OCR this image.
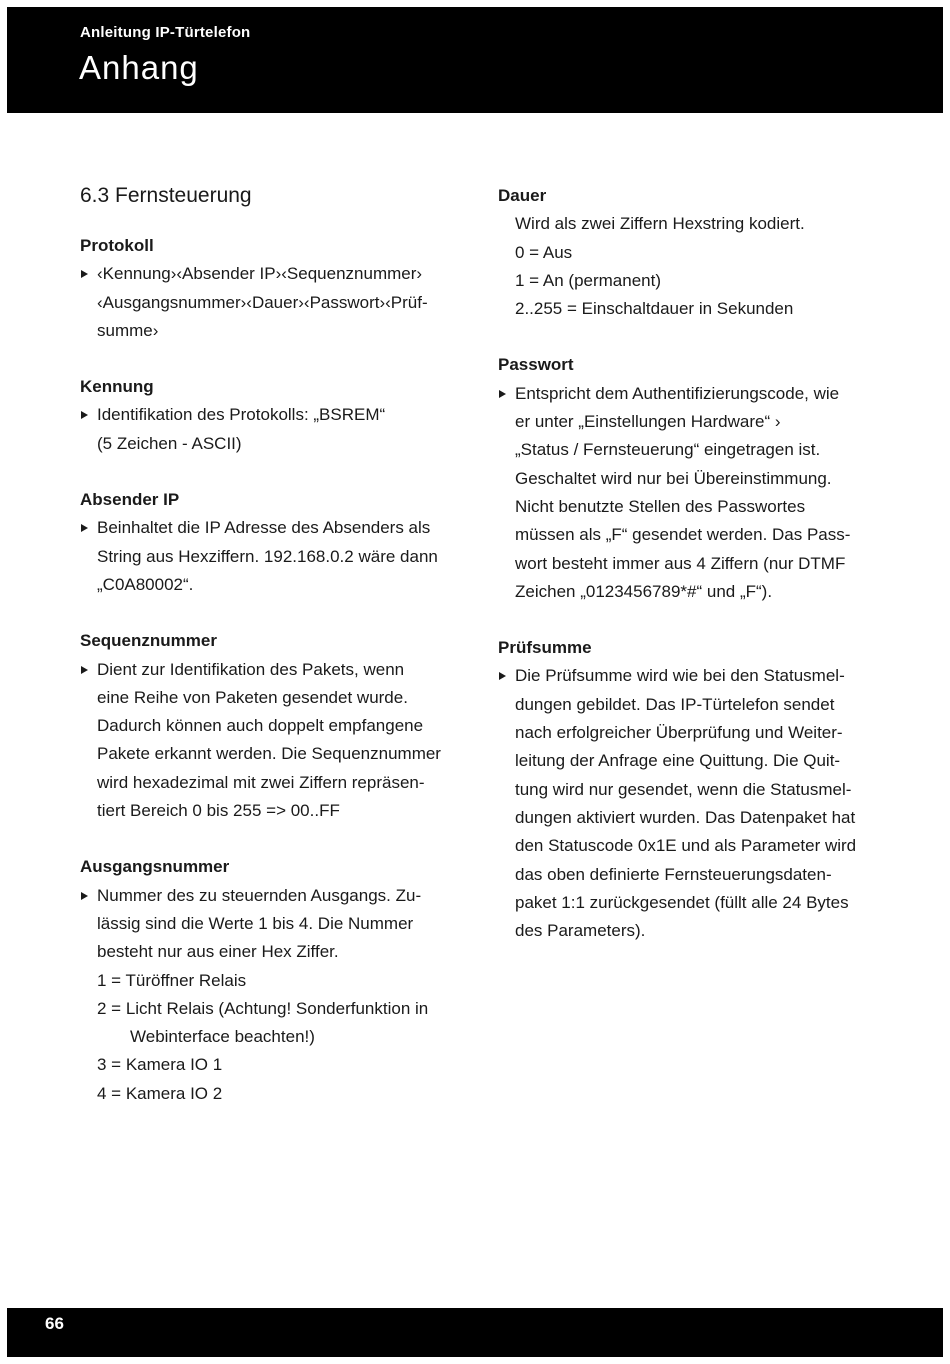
Anleitung IP-Türtelefon
Anhang
6.3 Fernsteuerung

Protokoll

‹Kennung›‹Absender IP›‹Sequenznummer›
‹Ausgangsnummer›‹Dauer›‹Passwort›‹Prüf-
summe›

Kennung

Identifikation des Protokolls: „BSREM“
(5 Zeichen - ASCII)

Absender IP

Beinhaltet die IP Adresse des Absenders als
String aus Hexziffern. 192.168.0.2 wäre dann
„C0A80002“.

Sequenznummer

Dient zur Identifikation des Pakets, wenn
eine Reihe von Paketen gesendet wurde.
Dadurch können auch doppelt empfangene
Pakete erkannt werden. Die Sequenznummer
wird hexadezimal mit zwei Ziffern repräsen-
tiert Bereich 0 bis 255 => 00..FF

Ausgangsnummer

Nummer des zu steuernden Ausgangs. Zu-
lässig sind die Werte 1 bis 4. Die Nummer
besteht nur aus einer Hex Ziffer.

1 = Türöffner Relais
2 = Licht Relais (Achtung! Sonderfunktion in
Webinterface beachten!)
3 = Kamera IO 1
4 = Kamera IO 2

Dauer

Wird als zwei Ziffern Hexstring kodiert.
0 = Aus
1 = An (permanent)
2..255 = Einschaltdauer in Sekunden

Passwort

Entspricht dem Authentifizierungscode, wie
er unter „Einstellungen Hardware“ ›
„Status / Fernsteuerung“ eingetragen ist.
Geschaltet wird nur bei Übereinstimmung.
Nicht benutzte Stellen des Passwortes
müssen als „F“ gesendet werden. Das Pass-
wort besteht immer aus 4 Ziffern (nur DTMF
Zeichen „0123456789*#“ und „F“).

Prüfsumme

Die Prüfsumme wird wie bei den Statusmel-
dungen gebildet. Das IP-Türtelefon sendet
nach erfolgreicher Überprüfung und Weiter-
leitung der Anfrage eine Quittung. Die Quit-
tung wird nur gesendet, wenn die Statusmel-
dungen aktiviert wurden. Das Datenpaket hat
den Statuscode 0x1E und als Parameter wird
das oben definierte Fernsteuerungsdaten-
paket 1:1 zurückgesendet (füllt alle 24 Bytes
des Parameters).

66
